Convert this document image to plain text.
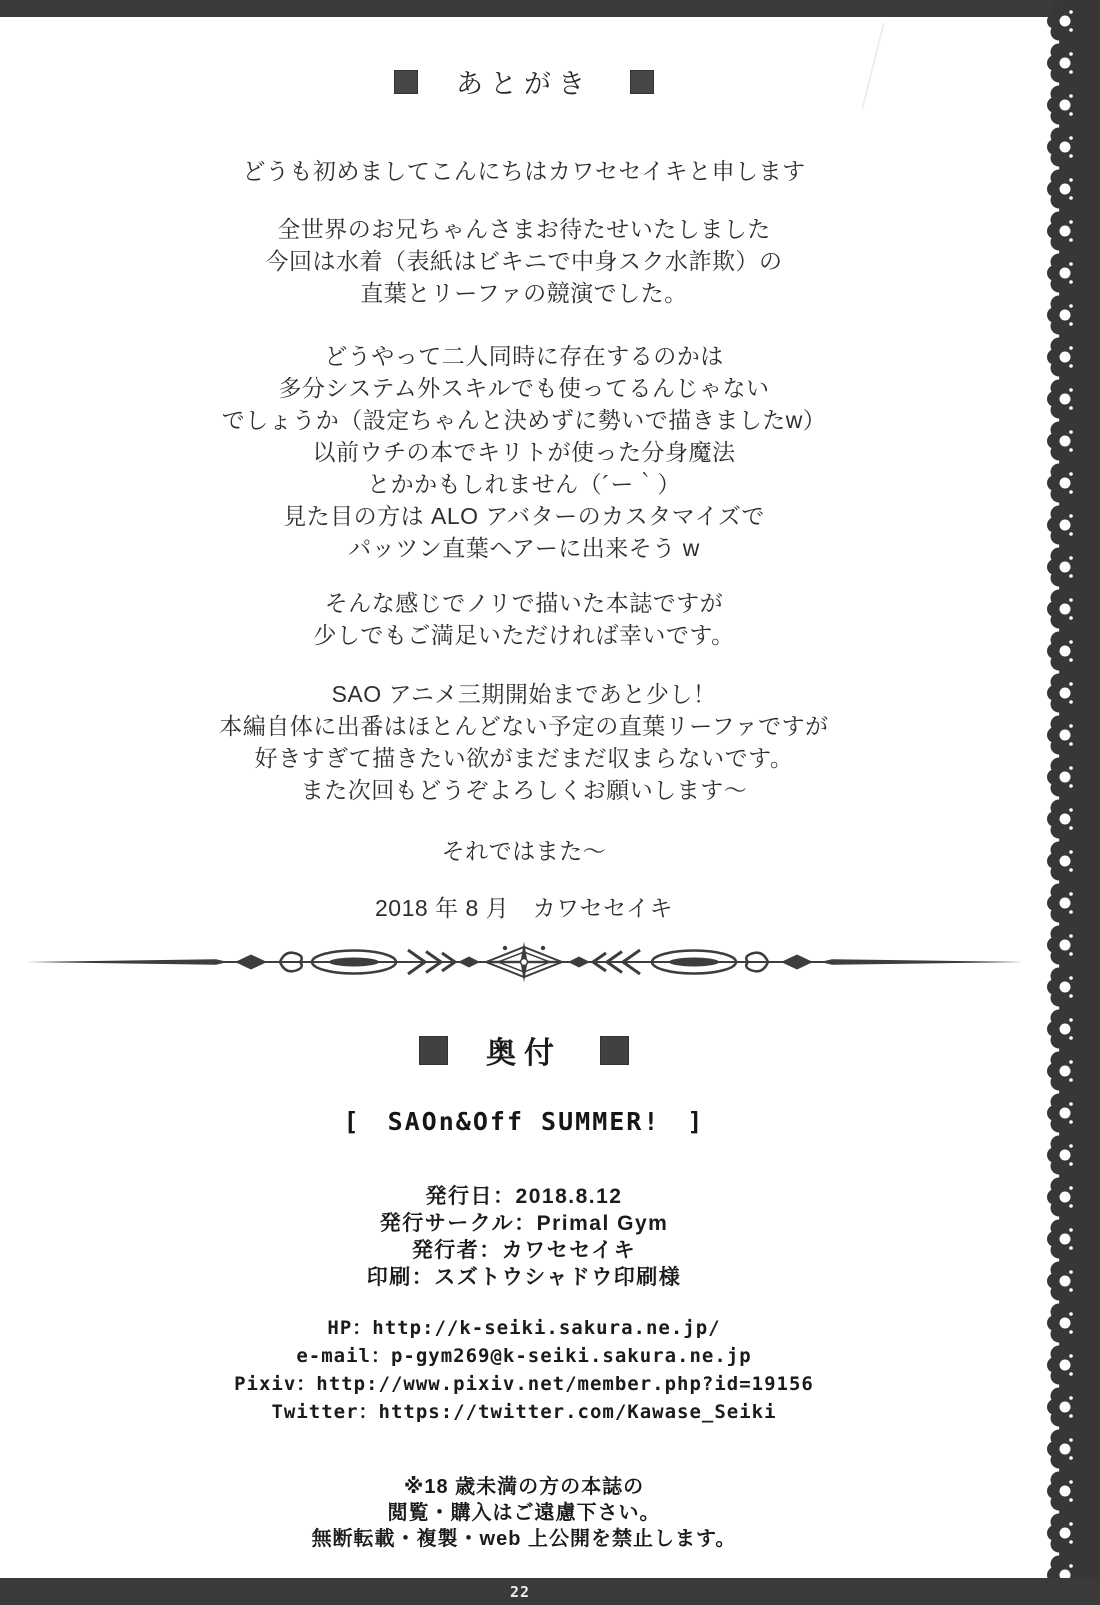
あとがき
どうも初めましてこんにちはカワセセイキと申します
全世界のお兄ちゃんさまお待たせいたしました
今回は水着（表紙はビキニで中身スク水詐欺）の
直葉とリーファの競演でした。
どうやって二人同時に存在するのかは
多分システム外スキルでも使ってるんじゃない
でしょうか（設定ちゃんと決めずに勢いで描きましたw）
以前ウチの本でキリトが使った分身魔法
とかかもしれません（´ー｀）
見た目の方は ALO アバターのカスタマイズで
パッツン直葉ヘアーに出来そう w
そんな感じでノリで描いた本誌ですが
少しでもご満足いただければ幸いです。
SAO アニメ三期開始まであと少し！
本編自体に出番はほとんどない予定の直葉リーファですが
好きすぎて描きたい欲がまだまだ収まらないです。
また次回もどうぞよろしくお願いします～
それではまた～
2018 年 8 月　カワセセイキ
奥付
[　SAOn&Off SUMMER!　]
発行日：2018.8.12
発行サークル：Primal Gym
発行者：カワセセイキ
印刷：スズトウシャドウ印刷様
HP：http://k-seiki.sakura.ne.jp/
e-mail：p-gym269@k-seiki.sakura.ne.jp
Pixiv：http://www.pixiv.net/member.php?id=19156
Twitter：https://twitter.com/Kawase_Seiki
※18 歳未満の方の本誌の
閲覧・購入はご遠慮下さい。
無断転載・複製・web 上公開を禁止します。
22
